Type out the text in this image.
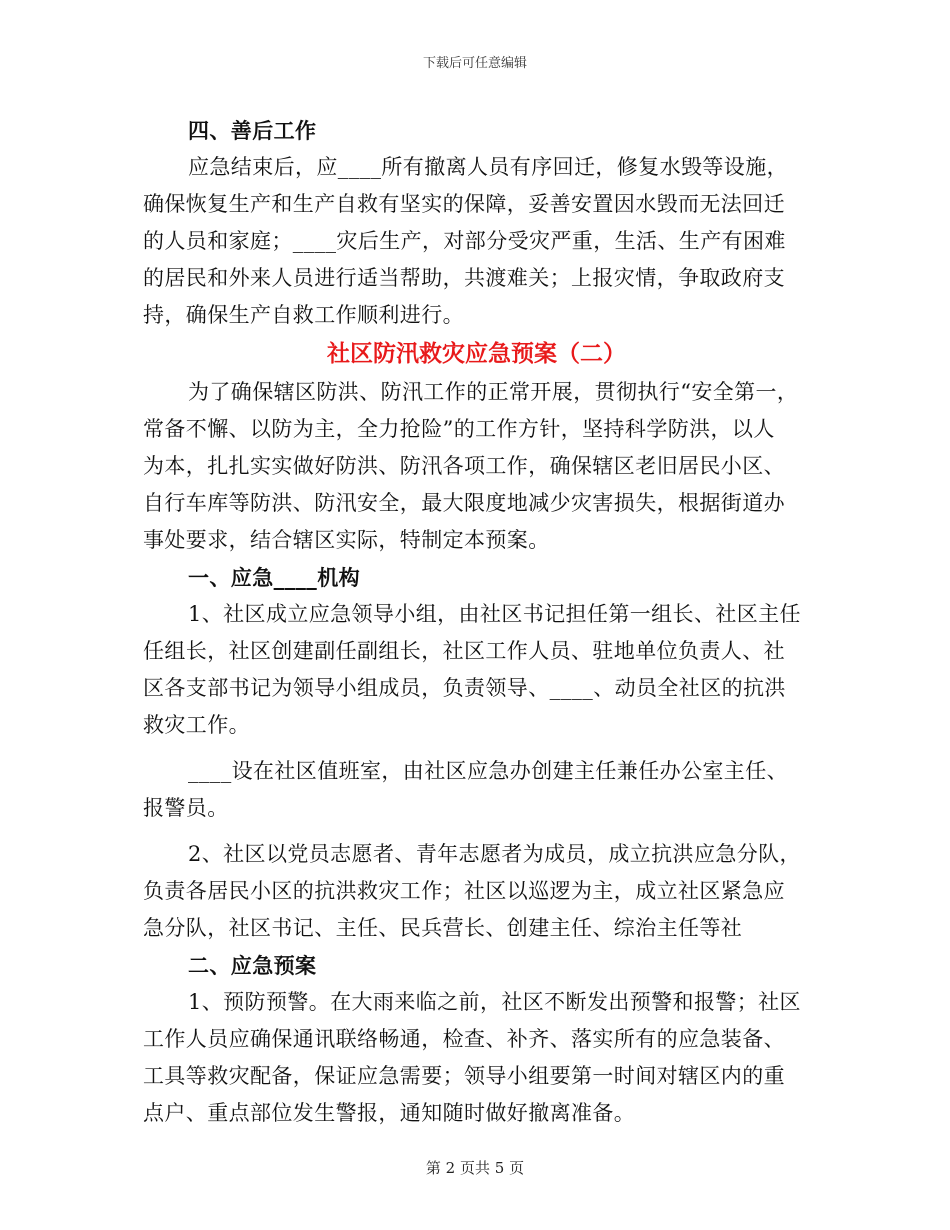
下载后可任意编辑
四、善后工作
应急结束后，应____所有撤离人员有序回迁，修复水毁等设施，
确保恢复生产和生产自救有坚实的保障，妥善安置因水毁而无法回迁
的人员和家庭；____灾后生产，对部分受灾严重，生活、生产有困难
的居民和外来人员进行适当帮助，共渡难关；上报灾情，争取政府支
持，确保生产自救工作顺利进行。
社区防汛救灾应急预案（二）
为了确保辖区防洪、防汛工作的正常开展，贯彻执行“安全第一，
常备不懈、以防为主，全力抢险”的工作方针，坚持科学防洪，以人
为本，扎扎实实做好防洪、防汛各项工作，确保辖区老旧居民小区、
自行车库等防洪、防汛安全，最大限度地减少灾害损失，根据街道办
事处要求，结合辖区实际，特制定本预案。
一、应急____机构
1、社区成立应急领导小组，由社区书记担任第一组长、社区主任
任组长，社区创建副任副组长，社区工作人员、驻地单位负责人、社
区各支部书记为领导小组成员，负责领导、____、动员全社区的抗洪
救灾工作。
____设在社区值班室，由社区应急办创建主任兼任办公室主任、
报警员。
2、社区以党员志愿者、青年志愿者为成员，成立抗洪应急分队，
负责各居民小区的抗洪救灾工作；社区以巡逻为主，成立社区紧急应
急分队，社区书记、主任、民兵营长、创建主任、综治主任等社
二、应急预案
1、预防预警。在大雨来临之前，社区不断发出预警和报警；社区
工作人员应确保通讯联络畅通，检查、补齐、落实所有的应急装备、
工具等救灾配备，保证应急需要；领导小组要第一时间对辖区内的重
点户、重点部位发生警报，通知随时做好撤离准备。
第 2 页共 5 页
